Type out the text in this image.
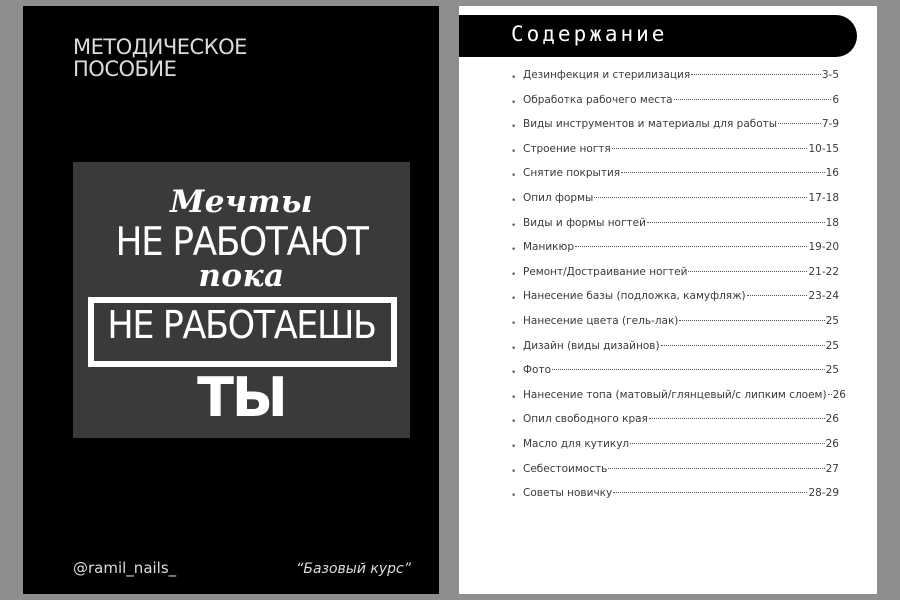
МЕТОДИЧЕСКОЕ
ПОСОБИЕ
Мечты
НЕ РАБОТАЮТ
пока
НЕ РАБОТАЕШЬ
ТЫ
@ramil_nails_	“Базовый курс”
Содержание
• Дезинфекция и стерилизация	3-5
• Обработка рабочего места	6
• Виды инструментов и материалы для работы	7-9
• Строение ногтя	10-15
• Снятие покрытия	16
• Опил формы	17-18
• Виды и формы ногтей	18
• Маникюр	19-20
• Ремонт/Достраивание ногтей	21-22
• Нанесение базы (подложка, камуфляж)	23-24
• Нанесение цвета (гель-лак)	25
• Дизайн (виды дизайнов)	25
• Фото	25
• Нанесение топа (матовый/глянцевый/с липким слоем) 26
• Опил свободного края	26
• Масло для кутикул	26
• Себестоимость	27
• Советы новичку	28-29
